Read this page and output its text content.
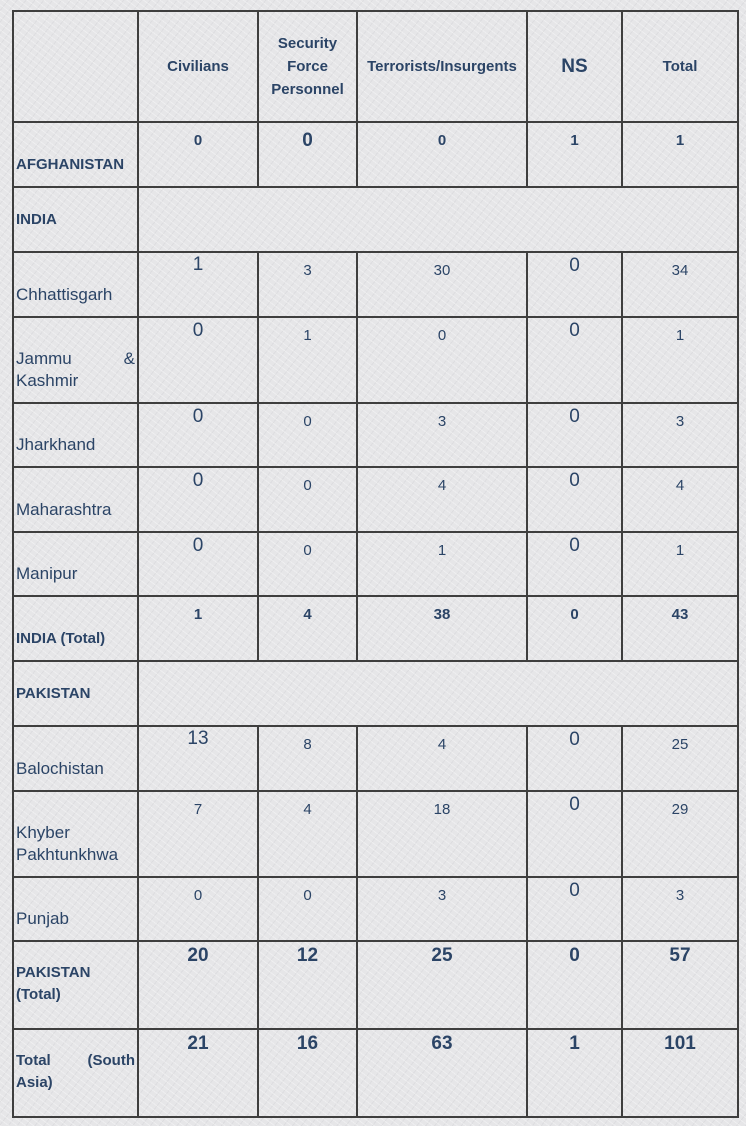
	Civilians	Security
Force
Personnel	Terrorists/Insurgents	NS	Total
AFGHANISTAN	0	0	0	1	1
INDIA					
Chhattisgarh	1	3	30	0	34

Jammu &
Kashmir	0	1	0	0	1
Jharkhand	0	0	3	0	3
Maharashtra	0	0	4	0	4
Manipur	0	0	1	0	1
INDIA (Total)	1	4	38	0	43
PAKISTAN					
Balochistan	13	8	4	0	25

Khyber
Pakhtunkhwa	7	4	18	0	29
Punjab	0	0	3	0	3

PAKISTAN
(Total)	20	12	25	0	57

Total (South
Asia)	21	16	63	1	101
